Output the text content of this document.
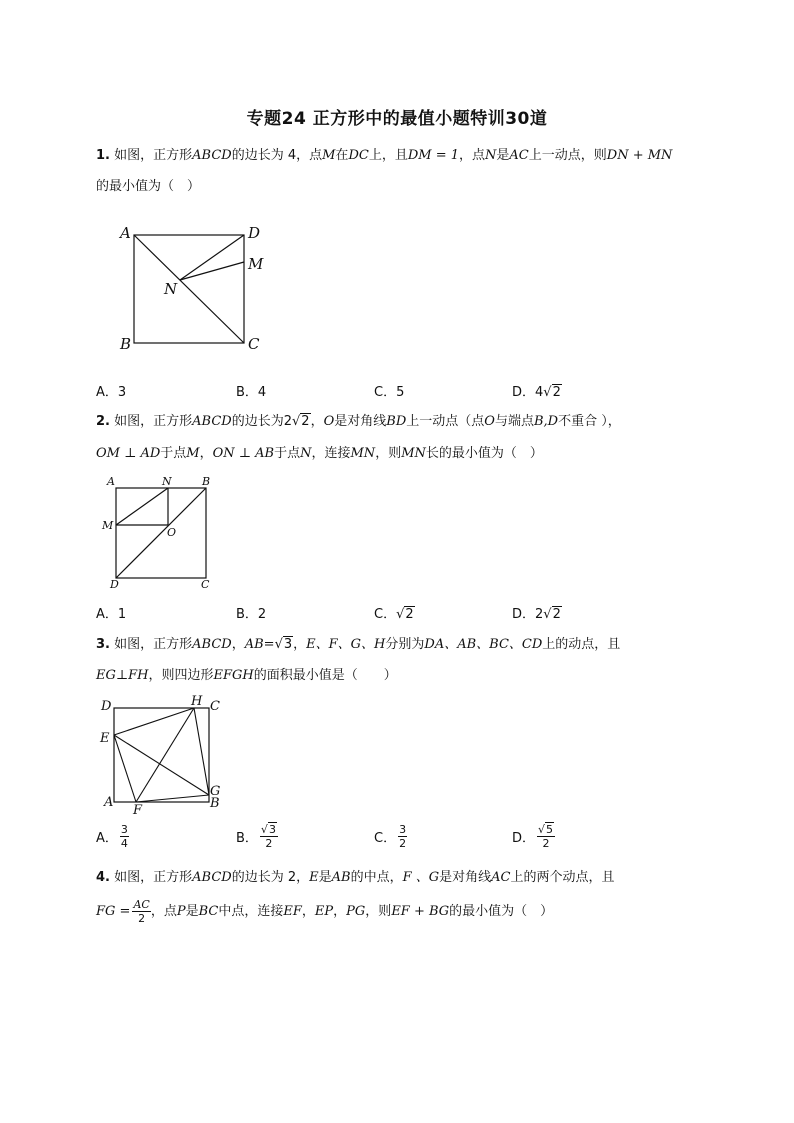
专题24 正方形中的最值小题特训30道
1. 如图，正方形ABCD的边长为 4，点M在DC上，且DM = 1，点N是AC上一动点，则DN + MN
的最小值为（　）
A	D
M
N
B	C
A．3	B．4	C．5	D．4√2
2. 如图，正方形ABCD的边长为2√2，O是对角线BD上一动点（点O与端点B,D不重合 ），
OM ⊥ AD于点M，ON ⊥ AB于点N，连接MN，则MN长的最小值为（　）
A	N	B
M
O
D	C
A．1	B．2	C．√2	D．2√2
3. 如图，正方形ABCD，AB=√3，E、F、G、H分别为DA、AB、BC、CD上的动点，且
EG⊥FH，则四边形EFGH的面积最小值是（　　）
D	H C
E
G
A
F	B
A． $\frac{3}{4}$	B． $\frac{√3}{2}$	C． $\frac{3}{2}$	D． $\frac{√5}{2}$
4. 如图，正方形ABCD的边长为 2，E是AB的中点，F 、G是对角线AC上的两个动点，且
FG = $\frac{AC}{2}$ ，点P是BC中点，连接EF，EP，PG，则EF + BG的最小值为（　）
